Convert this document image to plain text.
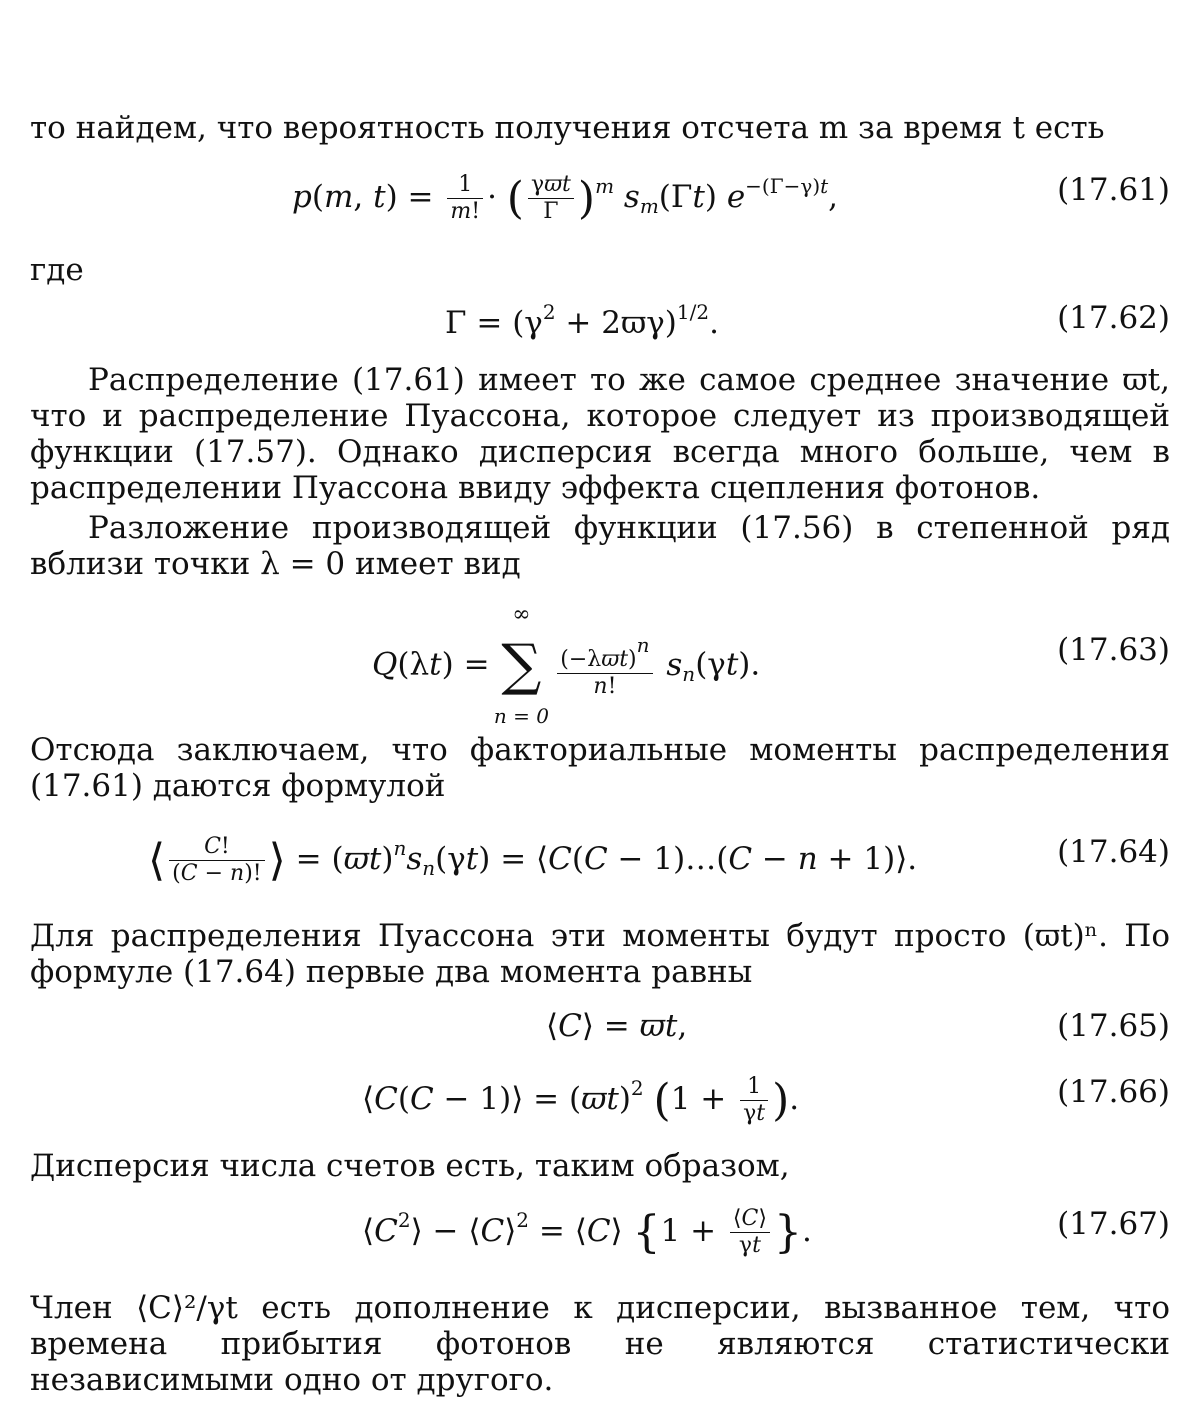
то найдем, что вероятность получения отсчета m за время t есть
p(m, $t) = \frac{1}{m!}$ · ( $\frac{\text{γϖt}}{\Gamma} )^m$ $s_m(\Gamma t)$ $e^{-(\Gamma-\gamma)t}$,	(17.61)
где
$\Gamma = (\gamma^2 + 2ϖ\gamma)^{1/2}$.	(17.62)
Распределение (17.61) имеет то же самое среднее значение ϖt, что и распределение Пуассона, которое следует из производящей функции (17.57). Однако дисперсия всегда много больше, чем в распределении Пуассона ввиду эффекта сцепления фотонов.
Разложение производящей функции (17.56) в степенной ряд вблизи точки λ = 0 имеет вид
Q(λt) =
∞
∑
n = 0

$\frac{(-\lambda ϖt)^n}{n!} s_n(\gamma t)$.	(17.63)
Отсюда заключаем, что факториальные моменты распределения (17.61) даются формулой
⟨ $\frac{C!}{(C - n)!}$ ⟩ = $(ϖt)^ns_n(\gamma t)$ = ⟨C(C − 1)…(C − n + 1)⟩.	(17.64)
Для распределения Пуассона эти моменты будут просто (ϖt)ⁿ. По формуле (17.64) первые два момента равны
⟨C⟩ = ϖt,	(17.65)
⟨C(C − 1)⟩ = $(ϖt)^2$ ($1 + \frac{1}{\gamma t}$ ).	(17.66)
Дисперсия числа счетов есть, таким образом,
$⟨C^2⟩$ − ⟨C⟩$^2$ = ⟨C⟩ {$1 + \frac{⟨C⟩}{\gamma t}$ }.	(17.67)
Член ⟨C⟩²/γt есть дополнение к дисперсии, вызванное тем, что времена прибытия фотонов не являются статистически независимыми одно от другого.
